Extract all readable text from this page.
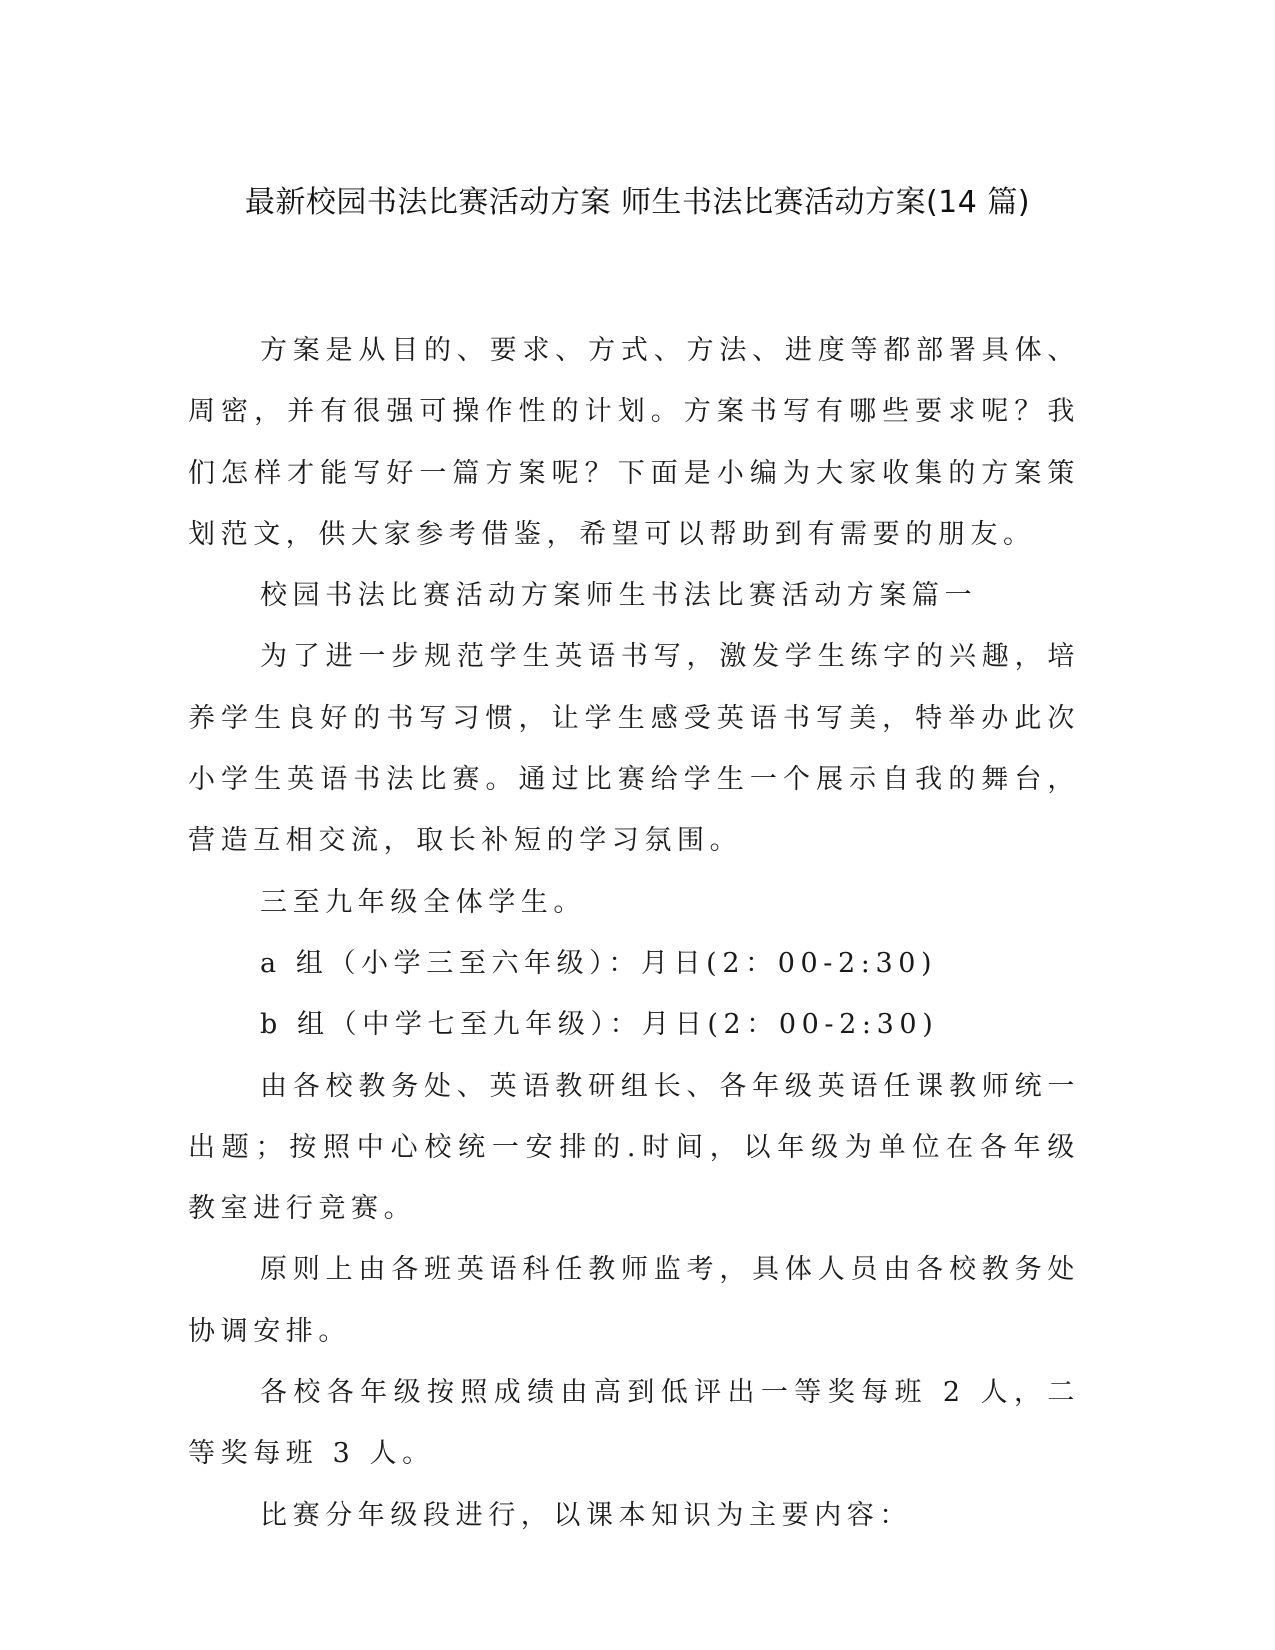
最新校园书法比赛活动方案 师生书法比赛活动方案(14 篇)

方案是从目的、要求、方式、方法、进度等都部署具体、周密，并有很强可操作性的计划。方案书写有哪些要求呢？我们怎样才能写好一篇方案呢？下面是小编为大家收集的方案策划范文，供大家参考借鉴，希望可以帮助到有需要的朋友。

校园书法比赛活动方案师生书法比赛活动方案篇一

为了进一步规范学生英语书写，激发学生练字的兴趣，培养学生良好的书写习惯，让学生感受英语书写美，特举办此次小学生英语书法比赛。通过比赛给学生一个展示自我的舞台，营造互相交流，取长补短的学习氛围。

三至九年级全体学生。

a 组（小学三至六年级）：月日(2：00-2:30)

b 组（中学七至九年级）：月日(2：00-2:30)

由各校教务处、英语教研组长、各年级英语任课教师统一出题；按照中心校统一安排的.时间，以年级为单位在各年级教室进行竞赛。

原则上由各班英语科任教师监考，具体人员由各校教务处协调安排。

各校各年级按照成绩由高到低评出一等奖每班 2 人，二等奖每班 3 人。

比赛分年级段进行，以课本知识为主要内容：
